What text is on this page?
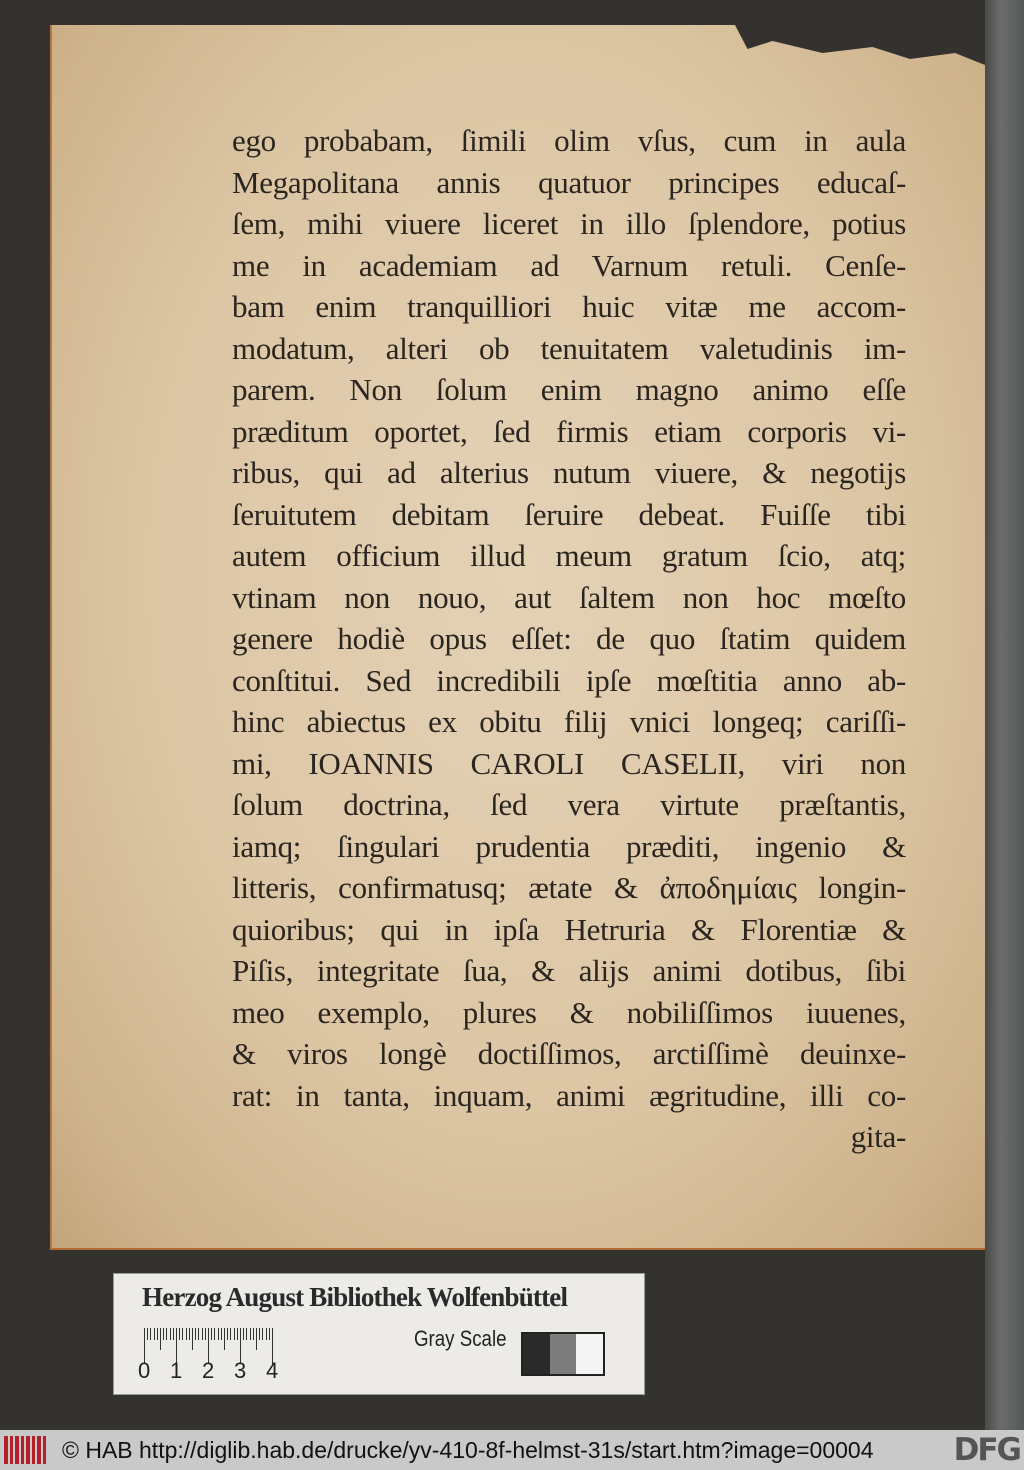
ego probabam, ſimili olim vſus, cum in aula
Megapolitana annis quatuor principes educaſ-
ſem, mihi viuere liceret in illo ſplendore, potius
me in academiam ad Varnum retuli. Cenſe-
bam enim tranquilliori huic vitæ me accom-
modatum, alteri ob tenuitatem valetudinis im-
parem. Non ſolum enim magno animo eſſe
præditum oportet, ſed firmis etiam corporis vi-
ribus, qui ad alterius nutum viuere, & negotijs
ſeruitutem debitam ſeruire debeat. Fuiſſe tibi
autem officium illud meum gratum ſcio, atq;
vtinam non nouo, aut ſaltem non hoc mœſto
genere hodiè opus eſſet: de quo ſtatim quidem
conſtitui. Sed incredibili ipſe mœſtitia anno ab-
hinc abiectus ex obitu filij vnici longeq; cariſſi-
mi, IOANNIS CAROLI CASELII, viri non
ſolum doctrina, ſed vera virtute præſtantis,
iamq; ſingulari prudentia præditi, ingenio &
litteris, confirmatusq; ætate & ἀποδημίαις longin-
quioribus; qui in ipſa Hetruria & Florentiæ &
Piſis, integritate ſua, & alijs animi dotibus, ſibi
meo exemplo, plures & nobiliſſimos iuuenes,
& viros longè doctiſſimos, arctiſſimè deuinxe-
rat: in tanta, inquam, animi ægritudine, illi co-
gita-
Herzog August Bibliothek Wolfenbüttel
0 1 2 3 4
Gray Scale
© HAB http://diglib.hab.de/drucke/yv-410-8f-helmst-31s/start.htm?image=00004	DFG
